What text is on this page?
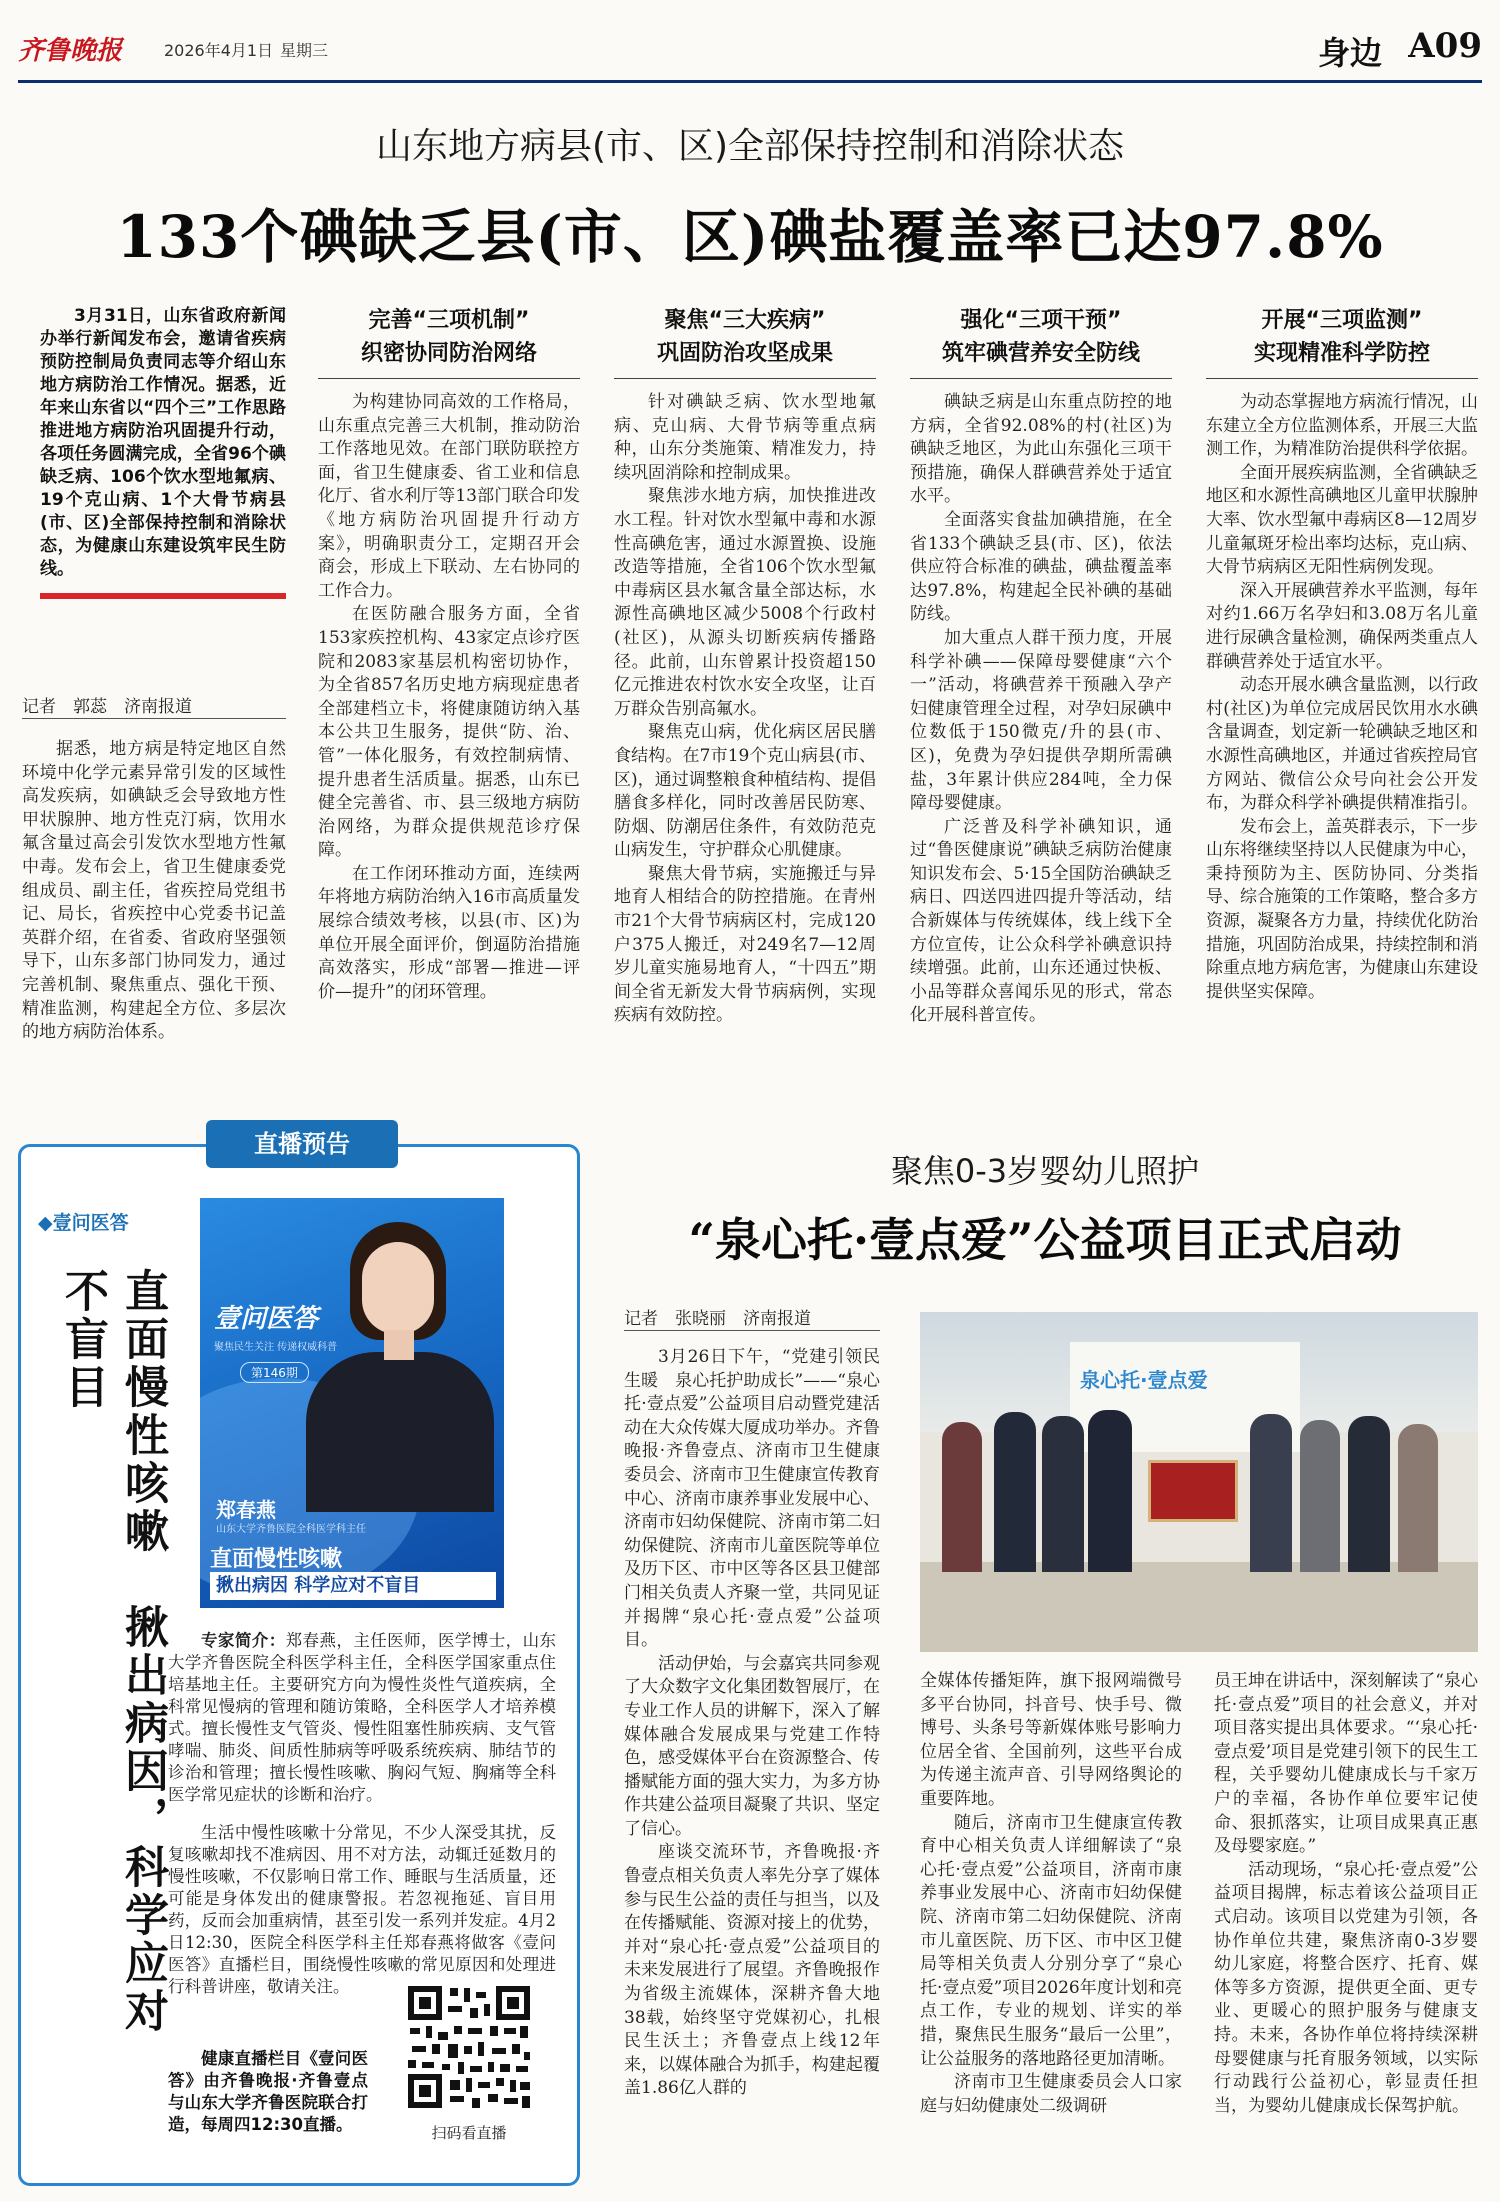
齐鲁晚报	2026年4月1日 星期三	身边 A09
山东地方病县(市、区)全部保持控制和消除状态
133个碘缺乏县(市、区)碘盐覆盖率已达97.8%
3月31日，山东省政府新闻办举行新闻发布会，邀请省疾病预防控制局负责同志等介绍山东地方病防治工作情况。据悉，近年来山东省以“四个三”工作思路推进地方病防治巩固提升行动，各项任务圆满完成，全省96个碘缺乏病、106个饮水型地氟病、19个克山病、1个大骨节病县(市、区)全部保持控制和消除状态，为健康山东建设筑牢民生防线。
记者　郭蕊　济南报道

据悉，地方病是特定地区自然环境中化学元素异常引发的区域性高发疾病，如碘缺乏会导致地方性甲状腺肿、地方性克汀病，饮用水氟含量过高会引发饮水型地方性氟中毒。发布会上，省卫生健康委党组成员、副主任，省疾控局党组书记、局长，省疾控中心党委书记盖英群介绍，在省委、省政府坚强领导下，山东多部门协同发力，通过完善机制、聚焦重点、强化干预、精准监测，构建起全方位、多层次的地方病防治体系。

完善“三项机制”
织密协同防治网络

为构建协同高效的工作格局，山东重点完善三大机制，推动防治工作落地见效。在部门联防联控方面，省卫生健康委、省工业和信息化厅、省水利厅等13部门联合印发《地方病防治巩固提升行动方案》，明确职责分工，定期召开会商会，形成上下联动、左右协同的工作合力。

在医防融合服务方面，全省153家疾控机构、43家定点诊疗医院和2083家基层机构密切协作，为全省857名历史地方病现症患者全部建档立卡，将健康随访纳入基本公共卫生服务，提供“防、治、管”一体化服务，有效控制病情、提升患者生活质量。据悉，山东已健全完善省、市、县三级地方病防治网络，为群众提供规范诊疗保障。

在工作闭环推动方面，连续两年将地方病防治纳入16市高质量发展综合绩效考核，以县(市、区)为单位开展全面评价，倒逼防治措施高效落实，形成“部署—推进—评价—提升”的闭环管理。

聚焦“三大疾病”
巩固防治攻坚成果

针对碘缺乏病、饮水型地氟病、克山病、大骨节病等重点病种，山东分类施策、精准发力，持续巩固消除和控制成果。

聚焦涉水地方病，加快推进改水工程。针对饮水型氟中毒和水源性高碘危害，通过水源置换、设施改造等措施，全省106个饮水型氟中毒病区县水氟含量全部达标，水源性高碘地区减少5008个行政村(社区)，从源头切断疾病传播路径。此前，山东曾累计投资超150亿元推进农村饮水安全攻坚，让百万群众告别高氟水。

聚焦克山病，优化病区居民膳食结构。在7市19个克山病县(市、区)，通过调整粮食种植结构、提倡膳食多样化，同时改善居民防寒、防烟、防潮居住条件，有效防范克山病发生，守护群众心肌健康。

聚焦大骨节病，实施搬迁与异地育人相结合的防控措施。在青州市21个大骨节病病区村，完成120户375人搬迁，对249名7—12周岁儿童实施易地育人，“十四五”期间全省无新发大骨节病病例，实现疾病有效防控。

强化“三项干预”
筑牢碘营养安全防线

碘缺乏病是山东重点防控的地方病，全省92.08%的村(社区)为碘缺乏地区，为此山东强化三项干预措施，确保人群碘营养处于适宜水平。

全面落实食盐加碘措施，在全省133个碘缺乏县(市、区)，依法供应符合标准的碘盐，碘盐覆盖率达97.8%，构建起全民补碘的基础防线。

加大重点人群干预力度，开展科学补碘——保障母婴健康“六个一”活动，将碘营养干预融入孕产妇健康管理全过程，对孕妇尿碘中位数低于150微克/升的县(市、区)，免费为孕妇提供孕期所需碘盐，3年累计供应284吨，全力保障母婴健康。

广泛普及科学补碘知识，通过“鲁医健康说”碘缺乏病防治健康知识发布会、5·15全国防治碘缺乏病日、四送四进四提升等活动，结合新媒体与传统媒体，线上线下全方位宣传，让公众科学补碘意识持续增强。此前，山东还通过快板、小品等群众喜闻乐见的形式，常态化开展科普宣传。

开展“三项监测”
实现精准科学防控

为动态掌握地方病流行情况，山东建立全方位监测体系，开展三大监测工作，为精准防治提供科学依据。

全面开展疾病监测，全省碘缺乏地区和水源性高碘地区儿童甲状腺肿大率、饮水型氟中毒病区8—12周岁儿童氟斑牙检出率均达标，克山病、大骨节病病区无阳性病例发现。

深入开展碘营养水平监测，每年对约1.66万名孕妇和3.08万名儿童进行尿碘含量检测，确保两类重点人群碘营养处于适宜水平。

动态开展水碘含量监测，以行政村(社区)为单位完成居民饮用水水碘含量调查，划定新一轮碘缺乏地区和水源性高碘地区，并通过省疾控局官方网站、微信公众号向社会公开发布，为群众科学补碘提供精准指引。

发布会上，盖英群表示，下一步山东将继续坚持以人民健康为中心，秉持预防为主、医防协同、分类指导、综合施策的工作策略，整合多方资源，凝聚各方力量，持续优化防治措施，巩固防治成果，持续控制和消除重点地方病危害，为健康山东建设提供坚实保障。

直播预告
◆壹问医答
直面慢性咳嗽　揪出病因，科学应对不盲目	壹问医答
聚焦民生关注 传递权威科普
第146期
郑春燕
山东大学齐鲁医院全科医学科主任
直面慢性咳嗽
揪出病因 科学应对不盲目
专家简介：郑春燕，主任医师，医学博士，山东大学齐鲁医院全科医学科主任，全科医学国家重点住培基地主任。主要研究方向为慢性炎性气道疾病，全科常见慢病的管理和随访策略，全科医学人才培养模式。擅长慢性支气管炎、慢性阻塞性肺疾病、支气管哮喘、肺炎、间质性肺病等呼吸系统疾病、肺结节的诊治和管理；擅长慢性咳嗽、胸闷气短、胸痛等全科医学常见症状的诊断和治疗。
生活中慢性咳嗽十分常见，不少人深受其扰，反复咳嗽却找不准病因、用不对方法，动辄迁延数月的慢性咳嗽，不仅影响日常工作、睡眠与生活质量，还可能是身体发出的健康警报。若忽视拖延、盲目用药，反而会加重病情，甚至引发一系列并发症。4月2日12:30，医院全科医学科主任郑春燕将做客《壹问医答》直播栏目，围绕慢性咳嗽的常见原因和处理进行科普讲座，敬请关注。
健康直播栏目《壹问医答》由齐鲁晚报·齐鲁壹点与山东大学齐鲁医院联合打造，每周四12:30直播。	扫码看直播
聚焦0-3岁婴幼儿照护
“泉心托·壹点爱”公益项目正式启动
记者　张晓丽　济南报道
泉心托·壹点爱

3月26日下午，“党建引领民生暖　泉心托护助成长”——“泉心托·壹点爱”公益项目启动暨党建活动在大众传媒大厦成功举办。齐鲁晚报·齐鲁壹点、济南市卫生健康委员会、济南市卫生健康宣传教育中心、济南市康养事业发展中心、济南市妇幼保健院、济南市第二妇幼保健院、济南市儿童医院等单位及历下区、市中区等各区县卫健部门相关负责人齐聚一堂，共同见证并揭牌“泉心托·壹点爱”公益项目。

活动伊始，与会嘉宾共同参观了大众数字文化集团数智展厅，在专业工作人员的讲解下，深入了解媒体融合发展成果与党建工作特色，感受媒体平台在资源整合、传播赋能方面的强大实力，为多方协作共建公益项目凝聚了共识、坚定了信心。

座谈交流环节，齐鲁晚报·齐鲁壹点相关负责人率先分享了媒体参与民生公益的责任与担当，以及在传播赋能、资源对接上的优势，并对“泉心托·壹点爱”公益项目的未来发展进行了展望。齐鲁晚报作为省级主流媒体，深耕齐鲁大地38载，始终坚守党媒初心，扎根民生沃土；齐鲁壹点上线12年来，以媒体融合为抓手，构建起覆盖1.86亿人群的

全媒体传播矩阵，旗下报网端微号多平台协同，抖音号、快手号、微博号、头条号等新媒体账号影响力位居全省、全国前列，这些平台成为传递主流声音、引导网络舆论的重要阵地。

随后，济南市卫生健康宣传教育中心相关负责人详细解读了“泉心托·壹点爱”公益项目，济南市康养事业发展中心、济南市妇幼保健院、济南市第二妇幼保健院、济南市儿童医院、历下区、市中区卫健局等相关负责人分别分享了“泉心托·壹点爱”项目2026年度计划和亮点工作，专业的规划、详实的举措，聚焦民生服务“最后一公里”，让公益服务的落地路径更加清晰。

济南市卫生健康委员会人口家庭与妇幼健康处二级调研

员王坤在讲话中，深刻解读了“泉心托·壹点爱”项目的社会意义，并对项目落实提出具体要求。“‘泉心托·壹点爱’项目是党建引领下的民生工程，关乎婴幼儿健康成长与千家万户的幸福，各协作单位要牢记使命、狠抓落实，让项目成果真正惠及母婴家庭。”

活动现场，“泉心托·壹点爱”公益项目揭牌，标志着该公益项目正式启动。该项目以党建为引领，各协作单位共建，聚焦济南0-3岁婴幼儿家庭，将整合医疗、托育、媒体等多方资源，提供更全面、更专业、更暖心的照护服务与健康支持。未来，各协作单位将持续深耕母婴健康与托育服务领域，以实际行动践行公益初心，彰显责任担当，为婴幼儿健康成长保驾护航。
